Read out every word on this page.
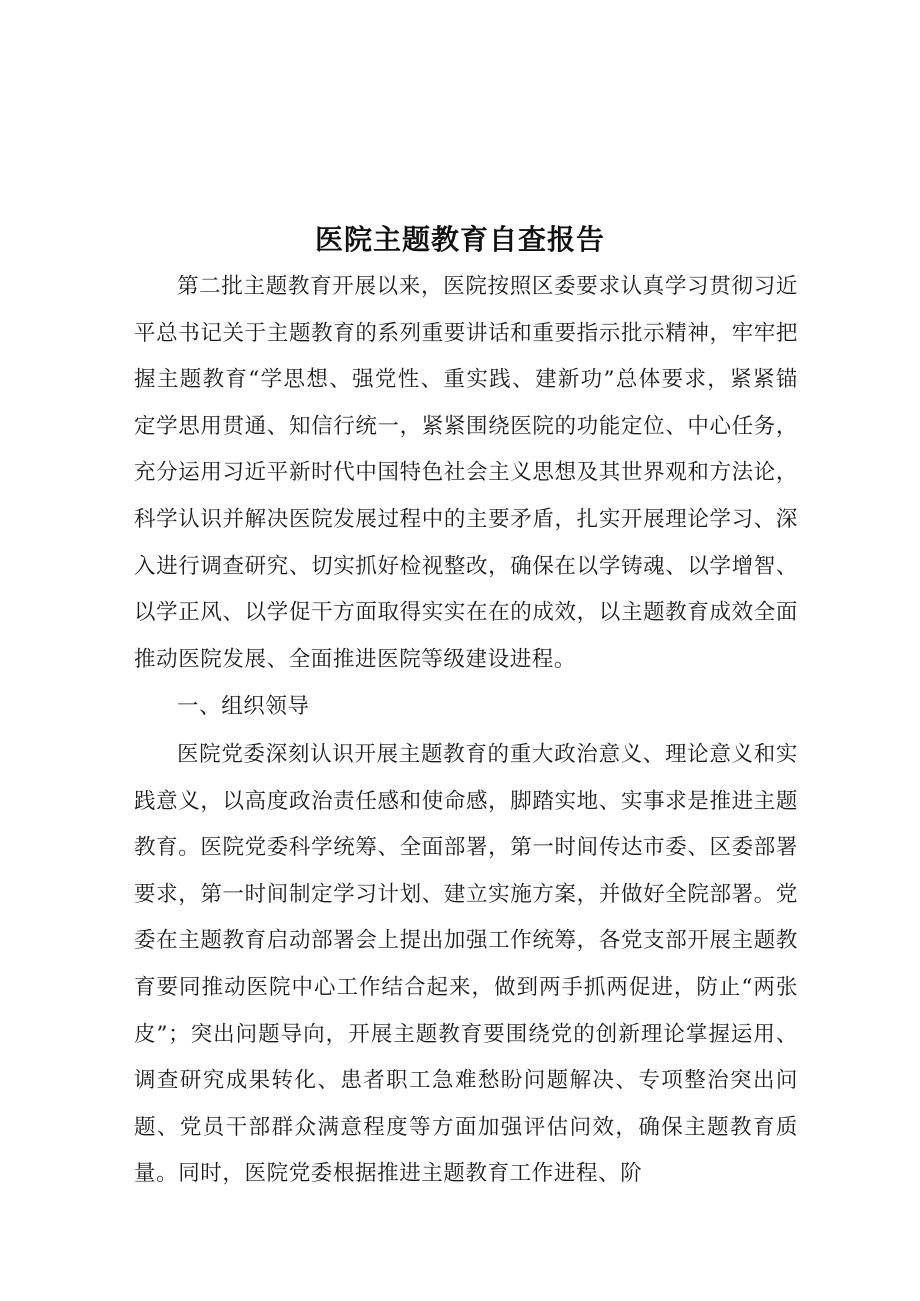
医院主题教育自查报告

第二批主题教育开展以来，医院按照区委要求认真学习贯彻习近平总书记关于主题教育的系列重要讲话和重要指示批示精神，牢牢把握主题教育“学思想、强党性、重实践、建新功”总体要求，紧紧锚定学思用贯通、知信行统一，紧紧围绕医院的功能定位、中心任务，充分运用习近平新时代中国特色社会主义思想及其世界观和方法论，科学认识并解决医院发展过程中的主要矛盾，扎实开展理论学习、深入进行调查研究、切实抓好检视整改，确保在以学铸魂、以学增智、以学正风、以学促干方面取得实实在在的成效，以主题教育成效全面推动医院发展、全面推进医院等级建设进程。

一、组织领导

医院党委深刻认识开展主题教育的重大政治意义、理论意义和实践意义，以高度政治责任感和使命感，脚踏实地、实事求是推进主题教育。医院党委科学统筹、全面部署，第一时间传达市委、区委部署要求，第一时间制定学习计划、建立实施方案，并做好全院部署。党委在主题教育启动部署会上提出加强工作统筹，各党支部开展主题教育要同推动医院中心工作结合起来，做到两手抓两促进，防止“两张皮”；突出问题导向，开展主题教育要围绕党的创新理论掌握运用、调查研究成果转化、患者职工急难愁盼问题解决、专项整治突出问题、党员干部群众满意程度等方面加强评估问效，确保主题教育质量。同时，医院党委根据推进主题教育工作进程、阶
